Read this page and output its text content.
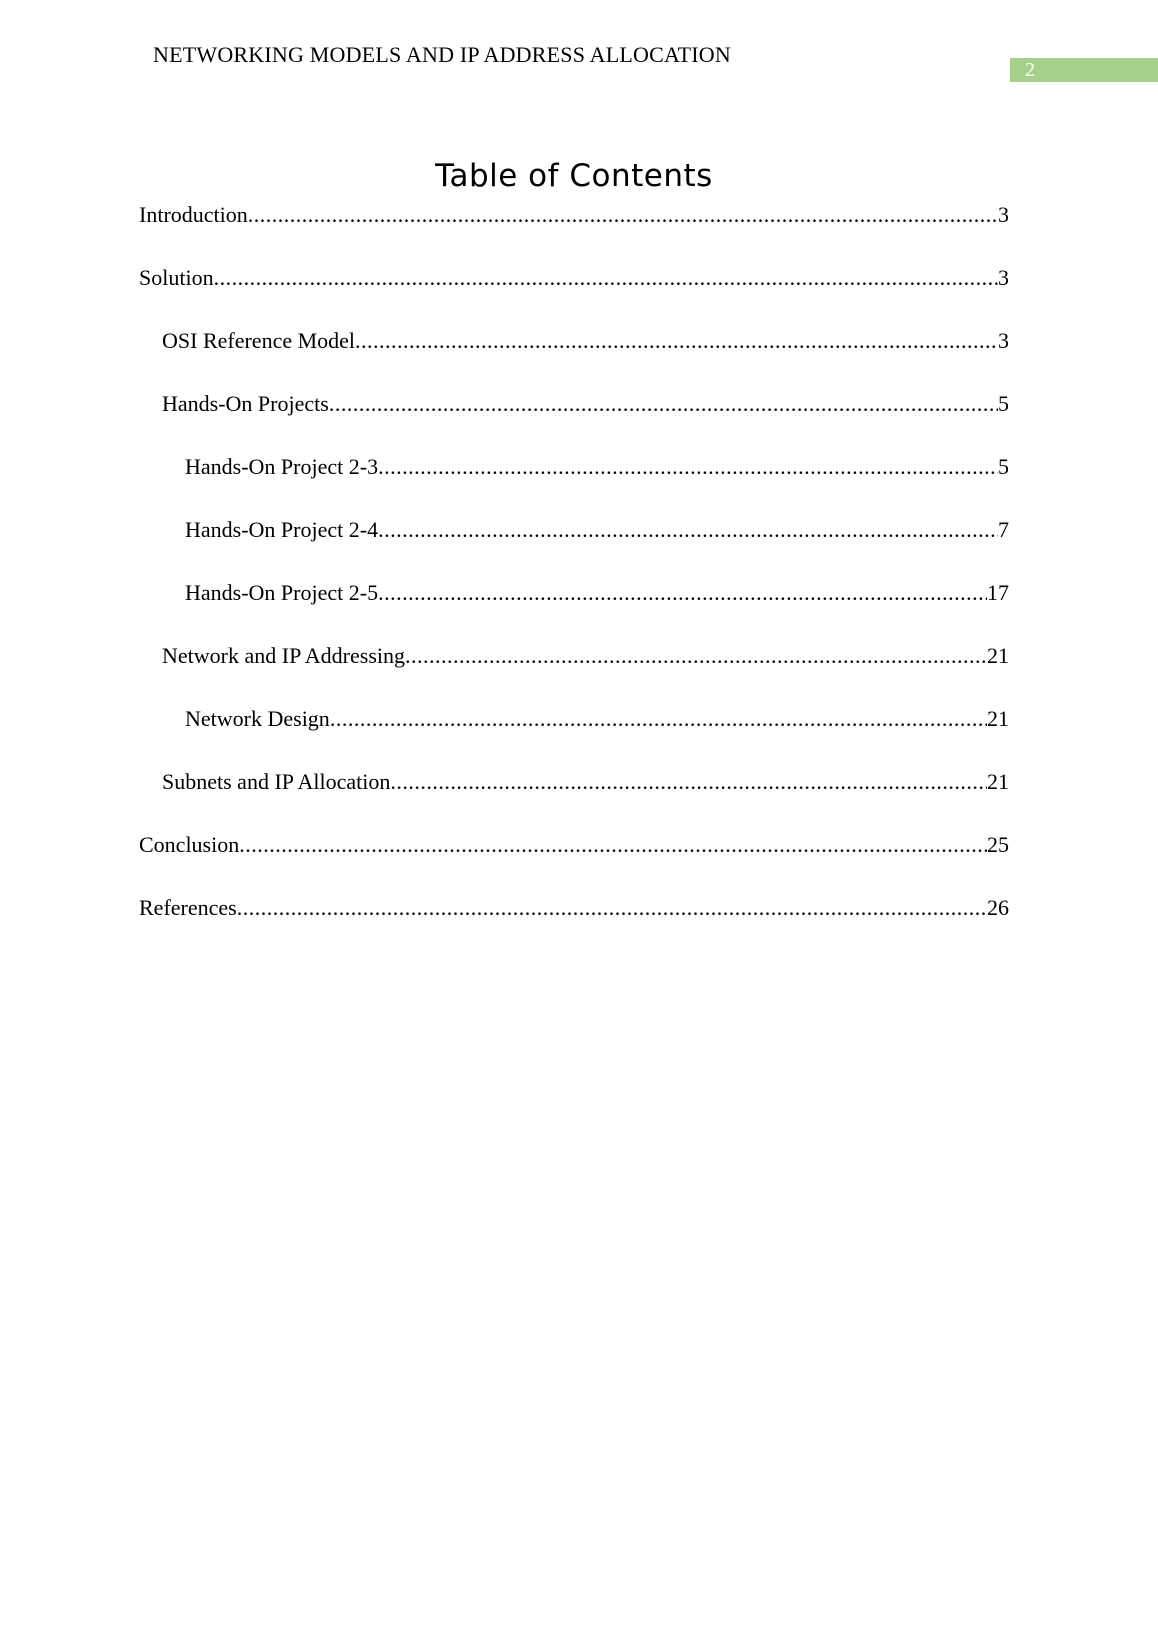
NETWORKING MODELS AND IP ADDRESS ALLOCATION
2
Table of Contents
Introduction .....	3
Solution .....	3
OSI Reference Model .....	3
Hands-On Projects .....	5
Hands-On Project 2-3 .....	5
Hands-On Project 2-4 .....	7
Hands-On Project 2-5 .....	17
Network and IP Addressing .....	21
Network Design .....	21
Subnets and IP Allocation .....	21
Conclusion .....	25
References .....	26
